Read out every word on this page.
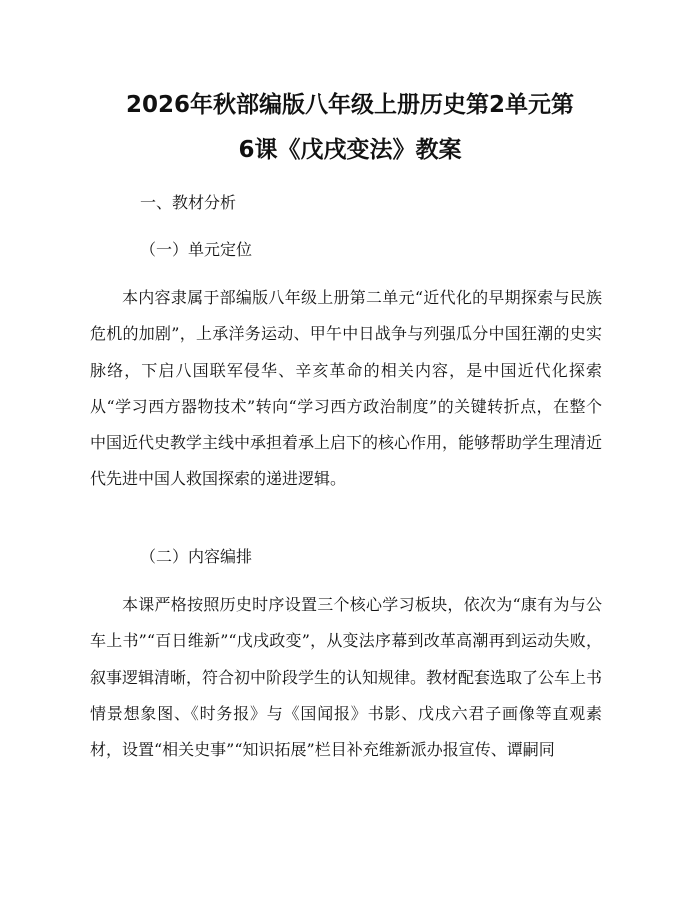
2026年秋部编版八年级上册历史第2单元第
6课《戊戌变法》教案

一、教材分析

（一）单元定位

本内容隶属于部编版八年级上册第二单元“近代化的早期探索与民族危机的加剧”，上承洋务运动、甲午中日战争与列强瓜分中国狂潮的史实脉络，下启八国联军侵华、辛亥革命的相关内容，是中国近代化探索从“学习西方器物技术”转向“学习西方政治制度”的关键转折点，在整个中国近代史教学主线中承担着承上启下的核心作用，能够帮助学生理清近代先进中国人救国探索的递进逻辑。

（二）内容编排

本课严格按照历史时序设置三个核心学习板块，依次为“康有为与公车上书”“百日维新”“戊戌政变”，从变法序幕到改革高潮再到运动失败，叙事逻辑清晰，符合初中阶段学生的认知规律。教材配套选取了公车上书情景想象图、《时务报》与《国闻报》书影、戊戌六君子画像等直观素材，设置“相关史事”“知识拓展”栏目补充维新派办报宣传、谭嗣同
